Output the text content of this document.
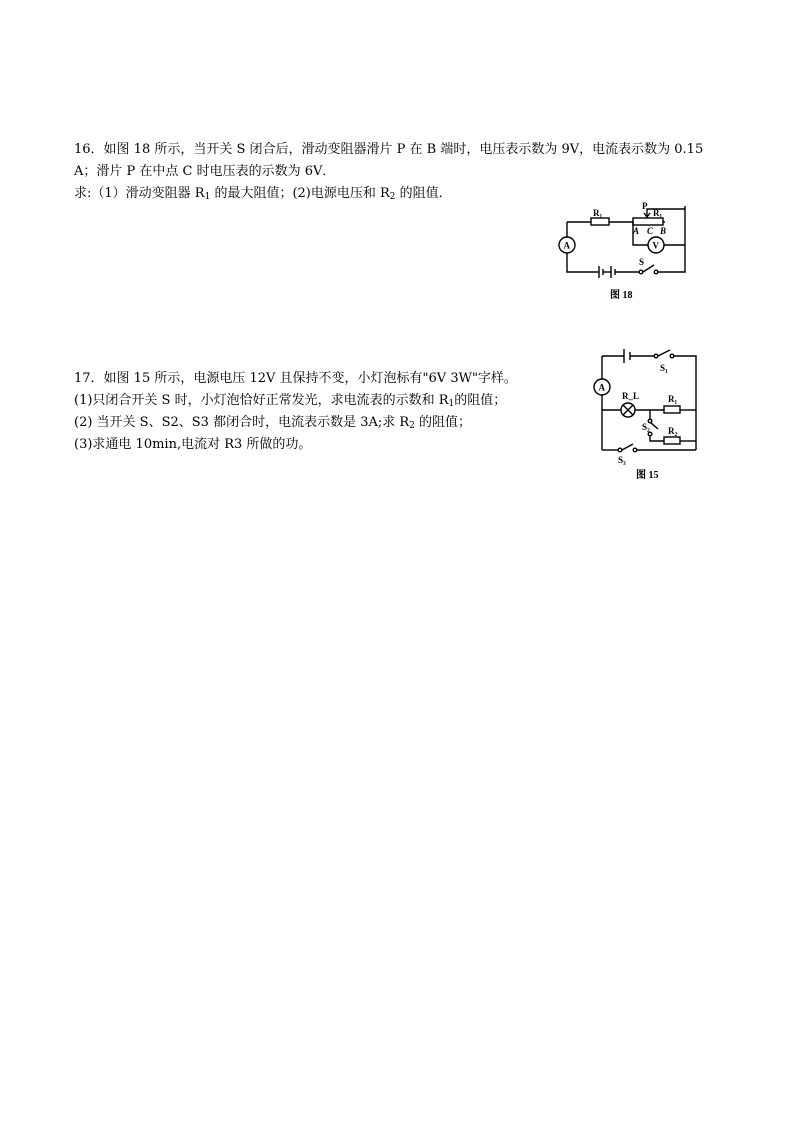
16．如图 18 所示，当开关 S 闭合后，滑动变阻器滑片 P 在 B 端时，电压表示数为 9V，电流表示数为 0.15
A；滑片 P 在中点 C 时电压表的示数为 6V．
求:（1）滑动变阻器 $R_1$ 的最大阻值；(2)电源电压和 $R_2$ 的阻值．
R₁
P
R₁
A C B
A	V
S
图 18
17．如图 15 所示，电源电压 12V 且保持不变，小灯泡标有"6V 3W"字样。
(1)只闭合开关 S 时，小灯泡恰好正常发光，求电流表的示数和 $R_1$的阻值；
(2) 当开关 S、S2、S3 都闭合时，电流表示数是 3A;求 $R_2$ 的阻值；
(3)求通电 10min,电流对 R3 所做的功。
S₁
A
R_L	R₁
S₂ R₂
S₃
图 15
